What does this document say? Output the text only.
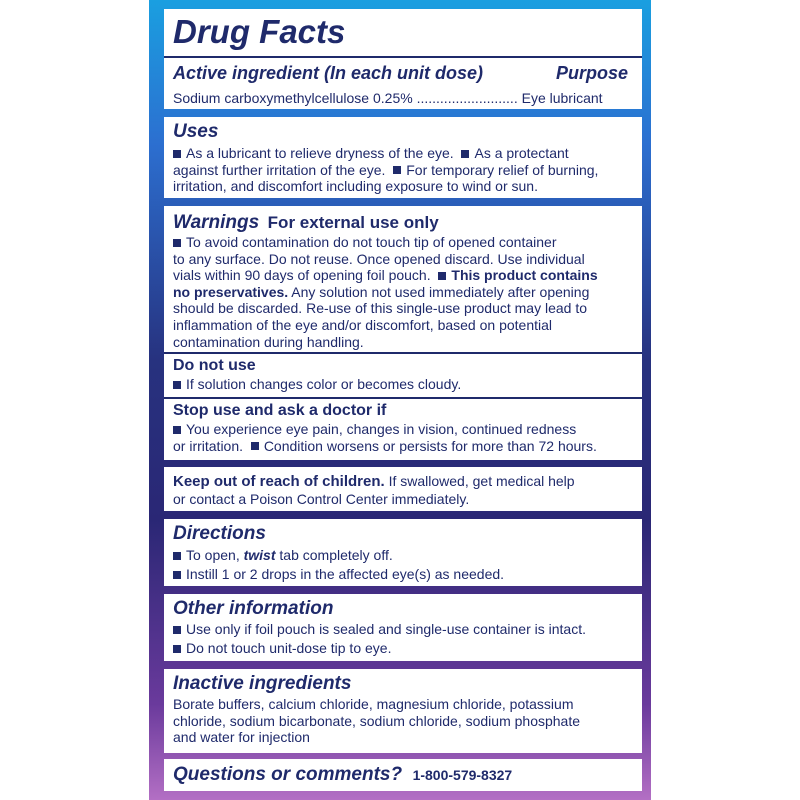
Drug Facts
Active ingredient (In each unit dose)	Purpose
Sodium carboxymethylcellulose 0.25% .......................... Eye lubricant
Uses
As a lubricant to relieve dryness of the eye.  As a protectant
against further irritation of the eye.  For temporary relief of burning,
irritation, and discomfort including exposure to wind or sun.
Warnings For external use only
To avoid contamination do not touch tip of opened container
to any surface. Do not reuse. Once opened discard. Use individual
vials within 90 days of opening foil pouch.  This product contains
no preservatives. Any solution not used immediately after opening
should be discarded. Re-use of this single-use product may lead to
inflammation of the eye and/or discomfort, based on potential
contamination during handling.
Do not use
If solution changes color or becomes cloudy.
Stop use and ask a doctor if
You experience eye pain, changes in vision, continued redness
or irritation.  Condition worsens or persists for more than 72 hours.
Keep out of reach of children. If swallowed, get medical help
or contact a Poison Control Center immediately.
Directions
To open, twist tab completely off.
Instill 1 or 2 drops in the affected eye(s) as needed.
Other information
Use only if foil pouch is sealed and single-use container is intact.
Do not touch unit-dose tip to eye.
Inactive ingredients
Borate buffers, calcium chloride, magnesium chloride, potassium
chloride, sodium bicarbonate, sodium chloride, sodium phosphate
and water for injection
Questions or comments? 1-800-579-8327
